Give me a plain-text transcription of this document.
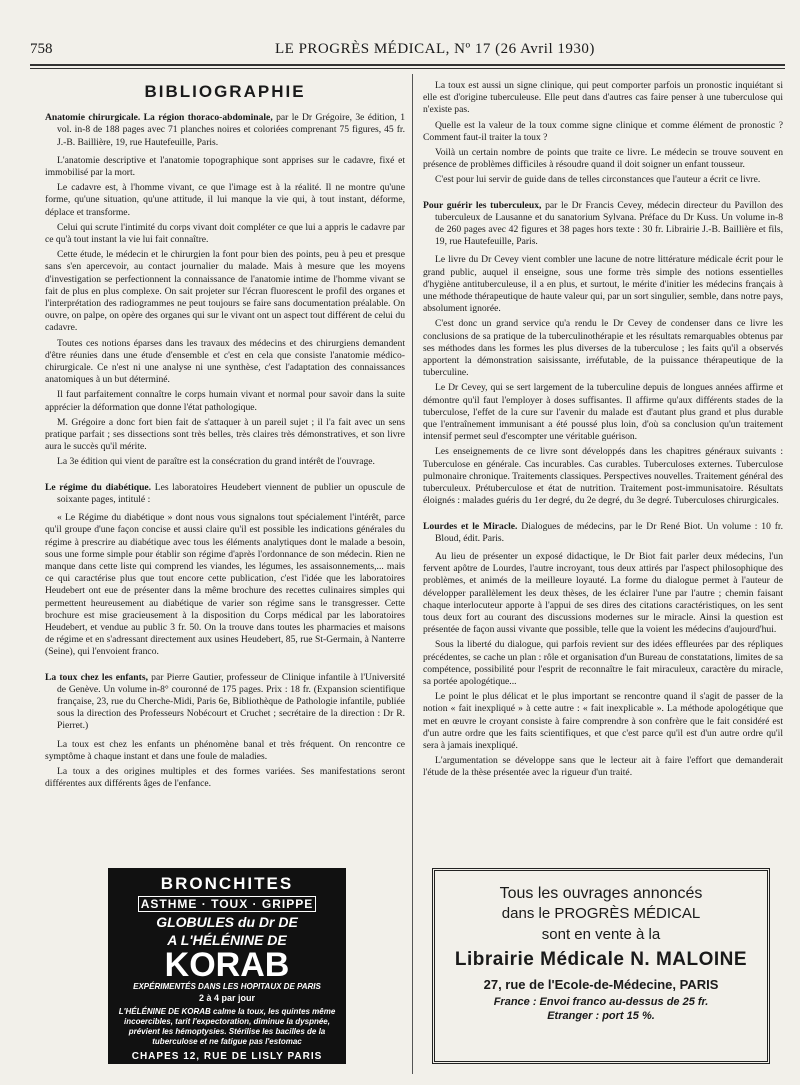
758	LE PROGRÈS MÉDICAL, Nº 17 (26 Avril 1930)
BIBLIOGRAPHIE
Anatomie chirurgicale. La région thoraco-abdominale, par le Dr Grégoire, 3e édition, 1 vol. in-8 de 188 pages avec 71 planches noires et coloriées comprenant 75 figures, 45 fr. J.-B. Baillière, 19, rue Hautefeuille, Paris.

L'anatomie descriptive et l'anatomie topographique sont apprises sur le cadavre, fixé et immobilisé par la mort.

Le cadavre est, à l'homme vivant, ce que l'image est à la réalité. Il ne montre qu'une forme, qu'une situation, qu'une attitude, il lui manque la vie qui, à tout instant, déforme, déplace et transforme.

Celui qui scrute l'intimité du corps vivant doit compléter ce que lui a appris le cadavre par ce qu'à tout instant la vie lui fait connaître.

Cette étude, le médecin et le chirurgien la font pour bien des points, peu à peu et presque sans s'en apercevoir, au contact journalier du malade. Mais à mesure que les moyens d'investigation se perfectionnent la connaissance de l'anatomie intime de l'homme vivant se fait de plus en plus complexe. On sait projeter sur l'écran fluorescent le profil des organes et l'interprétation des radiogrammes ne peut toujours se faire sans documentation préalable. On ouvre, on palpe, on opère des organes qui sur le vivant ont un aspect tout différent de celui du cadavre.

Toutes ces notions éparses dans les travaux des médecins et des chirurgiens demandent d'être réunies dans une étude d'ensemble et c'est en cela que consiste l'anatomie médico-chirurgicale. Ce n'est ni une analyse ni une synthèse, c'est l'adaptation des connaissances anatomiques à un but déterminé.

Il faut parfaitement connaître le corps humain vivant et normal pour savoir dans la suite apprécier la déformation que donne l'état pathologique.

M. Grégoire a donc fort bien fait de s'attaquer à un pareil sujet ; il l'a fait avec un sens pratique parfait ; ses dissections sont très belles, très claires très démonstratives, et son livre aura le succès qu'il mérite.

La 3e édition qui vient de paraître est la consécration du grand intérêt de l'ouvrage.

Le régime du diabétique. Les laboratoires Heudebert viennent de publier un opuscule de soixante pages, intitulé :

« Le Régime du diabétique » dont nous vous signalons tout spécialement l'intérêt, parce qu'il groupe d'une façon concise et aussi claire qu'il est possible les indications générales du régime à prescrire au diabétique avec tous les éléments analytiques dont le malade a besoin, sous une forme simple pour établir son régime d'après l'ordonnance de son médecin. Rien ne manque dans cette liste qui comprend les viandes, les légumes, les assaisonnements,... mais ce qui caractérise plus que tout encore cette publication, c'est l'idée que les laboratoires Heudebert ont eue de présenter dans la même brochure des recettes culinaires simples qui permettent heureusement au diabétique de varier son régime sans le transgresser. Cette brochure est mise gracieusement à la disposition du Corps médical par les laboratoires Heudebert, et vendue au public 3 fr. 50. On la trouve dans toutes les pharmacies et maisons de régime et en s'adressant directement aux usines Heudebert, 85, rue St-Germain, à Nanterre (Seine), qui l'envoient franco.

La toux chez les enfants, par Pierre Gautier, professeur de Clinique infantile à l'Université de Genève. Un volume in-8° couronné de 175 pages. Prix : 18 fr. (Expansion scientifique française, 23, rue du Cherche-Midi, Paris 6e, Bibliothèque de Pathologie infantile, publiée sous la direction des Professeurs Nobécourt et Cruchet ; secrétaire de la direction : Dr R. Pierret.)

La toux est chez les enfants un phénomène banal et très fréquent. On rencontre ce symptôme à chaque instant et dans une foule de maladies.

La toux a des origines multiples et des formes variées. Ses manifestations seront différentes aux différents âges de l'enfance.

La toux est aussi un signe clinique, qui peut comporter parfois un pronostic inquiétant si elle est d'origine tuberculeuse. Elle peut dans d'autres cas faire penser à une tuberculose qui n'existe pas.

Quelle est la valeur de la toux comme signe clinique et comme élément de pronostic ? Comment faut-il traiter la toux ?

Voilà un certain nombre de points que traite ce livre. Le médecin se trouve souvent en présence de problèmes difficiles à résoudre quand il doit soigner un enfant tousseur.

C'est pour lui servir de guide dans de telles circonstances que l'auteur a écrit ce livre.

Pour guérir les tuberculeux, par le Dr Francis Cevey, médecin directeur du Pavillon des tuberculeux de Lausanne et du sanatorium Sylvana. Préface du Dr Kuss. Un volume in-8 de 260 pages avec 42 figures et 38 pages hors texte : 30 fr. Librairie J.-B. Baillière et fils, 19, rue Hautefeuille, Paris.

Le livre du Dr Cevey vient combler une lacune de notre littérature médicale écrit pour le grand public, auquel il enseigne, sous une forme très simple des notions essentielles d'hygiène antituberculeuse, il a en plus, et surtout, le mérite d'initier les médecins français à une méthode thérapeutique de haute valeur qui, par un sort singulier, semble, dans notre pays, absolument ignorée.

C'est donc un grand service qu'a rendu le Dr Cevey de condenser dans ce livre les conclusions de sa pratique de la tuberculinothérapie et les résultats remarquables obtenus par ses méthodes dans les formes les plus diverses de la tuberculose ; les faits qu'il a observés apportent la démonstration saisissante, irréfutable, de la puissance thérapeutique de la tuberculine.

Le Dr Cevey, qui se sert largement de la tuberculine depuis de longues années affirme et démontre qu'il faut l'employer à doses suffisantes. Il affirme qu'aux différents stades de la tuberculose, l'effet de la cure sur l'avenir du malade est d'autant plus grand et plus durable que l'entraînement immunisant a été poussé plus loin, d'où sa conclusion qu'un traitement intensif permet seul d'escompter une véritable guérison.

Les enseignements de ce livre sont développés dans les chapitres généraux suivants : Tuberculose en générale. Cas incurables. Cas curables. Tuberculoses externes. Tuberculose pulmonaire chronique. Traitements classiques. Perspectives nouvelles. Traitement général des tuberculeux. Prétuberculose et état de nutrition. Traitement post-immunisatoire. Résultats éloignés : malades guéris du 1er degré, du 2e degré, du 3e degré. Tuberculoses chirurgicales.

Lourdes et le Miracle. Dialogues de médecins, par le Dr René Biot. Un volume : 10 fr. Bloud, édit. Paris.

Au lieu de présenter un exposé didactique, le Dr Biot fait parler deux médecins, l'un fervent apôtre de Lourdes, l'autre incroyant, tous deux attirés par l'aspect philosophique des problèmes, et animés de la meilleure loyauté. La forme du dialogue permet à l'auteur de développer parallèlement les deux thèses, de les éclairer l'une par l'autre ; chemin faisant chaque interlocuteur apporte à l'appui de ses dires des citations caractéristiques, on les sent tous deux fort au courant des discussions modernes sur le miracle. Ainsi la question est présentée de façon aussi vivante que possible, telle que la voient les médecins d'aujourd'hui.

Sous la liberté du dialogue, qui parfois revient sur des idées effleurées par des répliques précédentes, se cache un plan : rôle et organisation d'un Bureau de constatations, limites de sa compétence, possibilité pour l'esprit de reconnaître le fait miraculeux, caractère du miracle, sa portée apologétique...

Le point le plus délicat et le plus important se rencontre quand il s'agit de passer de la notion « fait inexpliqué » à cette autre : « fait inexplicable ». La méthode apologétique que met en œuvre le croyant consiste à faire comprendre à son confrère que le fait considéré est d'un autre ordre que les faits scientifiques, et que c'est parce qu'il est d'un autre ordre qu'il sera à jamais inexpliqué.

L'argumentation se développe sans que le lecteur ait à faire l'effort que demanderait l'étude de la thèse présentée avec la rigueur d'un traité.

BRONCHITES
ASTHME · TOUX · GRIPPE
GLOBULES du Dr DE
A L'HÉLÉNINE DE
KORAB
EXPÉRIMENTÉS DANS LES HOPITAUX DE PARIS
2 à 4 par jour
L'HÉLÉNINE DE KORAB calme la toux, les quintes même incoercibles, tarit l'expectoration, diminue la dyspnée, prévient les hémoptysies. Stérilise les bacilles de la tuberculose et ne fatigue pas l'estomac
CHAPES 12, RUE DE LISLY PARIS
Tous les ouvrages annoncés
dans le PROGRÈS MÉDICAL
sont en vente à la
Librairie Médicale N. MALOINE
27, rue de l'Ecole-de-Médecine, PARIS
France : Envoi franco au-dessus de 25 fr.
Etranger : port 15 %.
